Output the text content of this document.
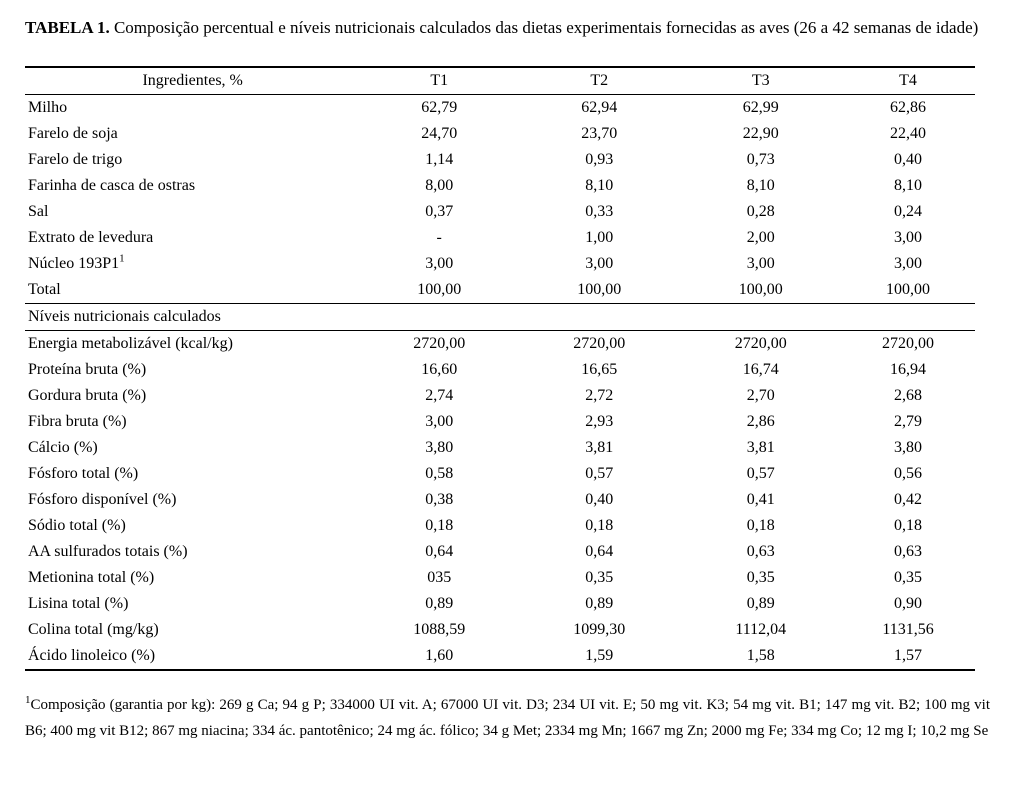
TABELA 1. Composição percentual e níveis nutricionais calculados das dietas experimentais fornecidas as aves (26 a 42 semanas de idade)

Ingredientes, %	T1	T2	T3	T4
Milho	62,79	62,94	62,99	62,86
Farelo de soja	24,70	23,70	22,90	22,40
Farelo de trigo	1,14	0,93	0,73	0,40
Farinha de casca de ostras	8,00	8,10	8,10	8,10
Sal	0,37	0,33	0,28	0,24
Extrato de levedura	-	1,00	2,00	3,00
Núcleo $193P1^1$	3,00	3,00	3,00	3,00
Total	100,00	100,00	100,00	100,00
Níveis nutricionais calculados				
Energia metabolizável (kcal/kg)	2720,00	2720,00	2720,00	2720,00
Proteína bruta (%)	16,60	16,65	16,74	16,94
Gordura bruta (%)	2,74	2,72	2,70	2,68
Fibra bruta (%)	3,00	2,93	2,86	2,79
Cálcio (%)	3,80	3,81	3,81	3,80
Fósforo total (%)	0,58	0,57	0,57	0,56
Fósforo disponível (%)	0,38	0,40	0,41	0,42
Sódio total (%)	0,18	0,18	0,18	0,18
AA sulfurados totais (%)	0,64	0,64	0,63	0,63
Metionina total (%)	035	0,35	0,35	0,35
Lisina total (%)	0,89	0,89	0,89	0,90
Colina total (mg/kg)	1088,59	1099,30	1112,04	1131,56
Ácido linoleico (%)	1,60	1,59	1,58	1,57

$^1$Composição (garantia por kg): 269 g Ca; 94 g P; 334000 UI vit. A; 67000 UI vit. D3; 234 UI vit. E; 50 mg vit. K3; 54 mg vit. B1; 147 mg vit. B2; 100 mg vit B6; 400 mg vit B12; 867 mg niacina; 334 ác. pantotênico; 24 mg ác. fólico; 34 g Met; 2334 mg Mn; 1667 mg Zn; 2000 mg Fe; 334 mg Co; 12 mg I; 10,2 mg Se
